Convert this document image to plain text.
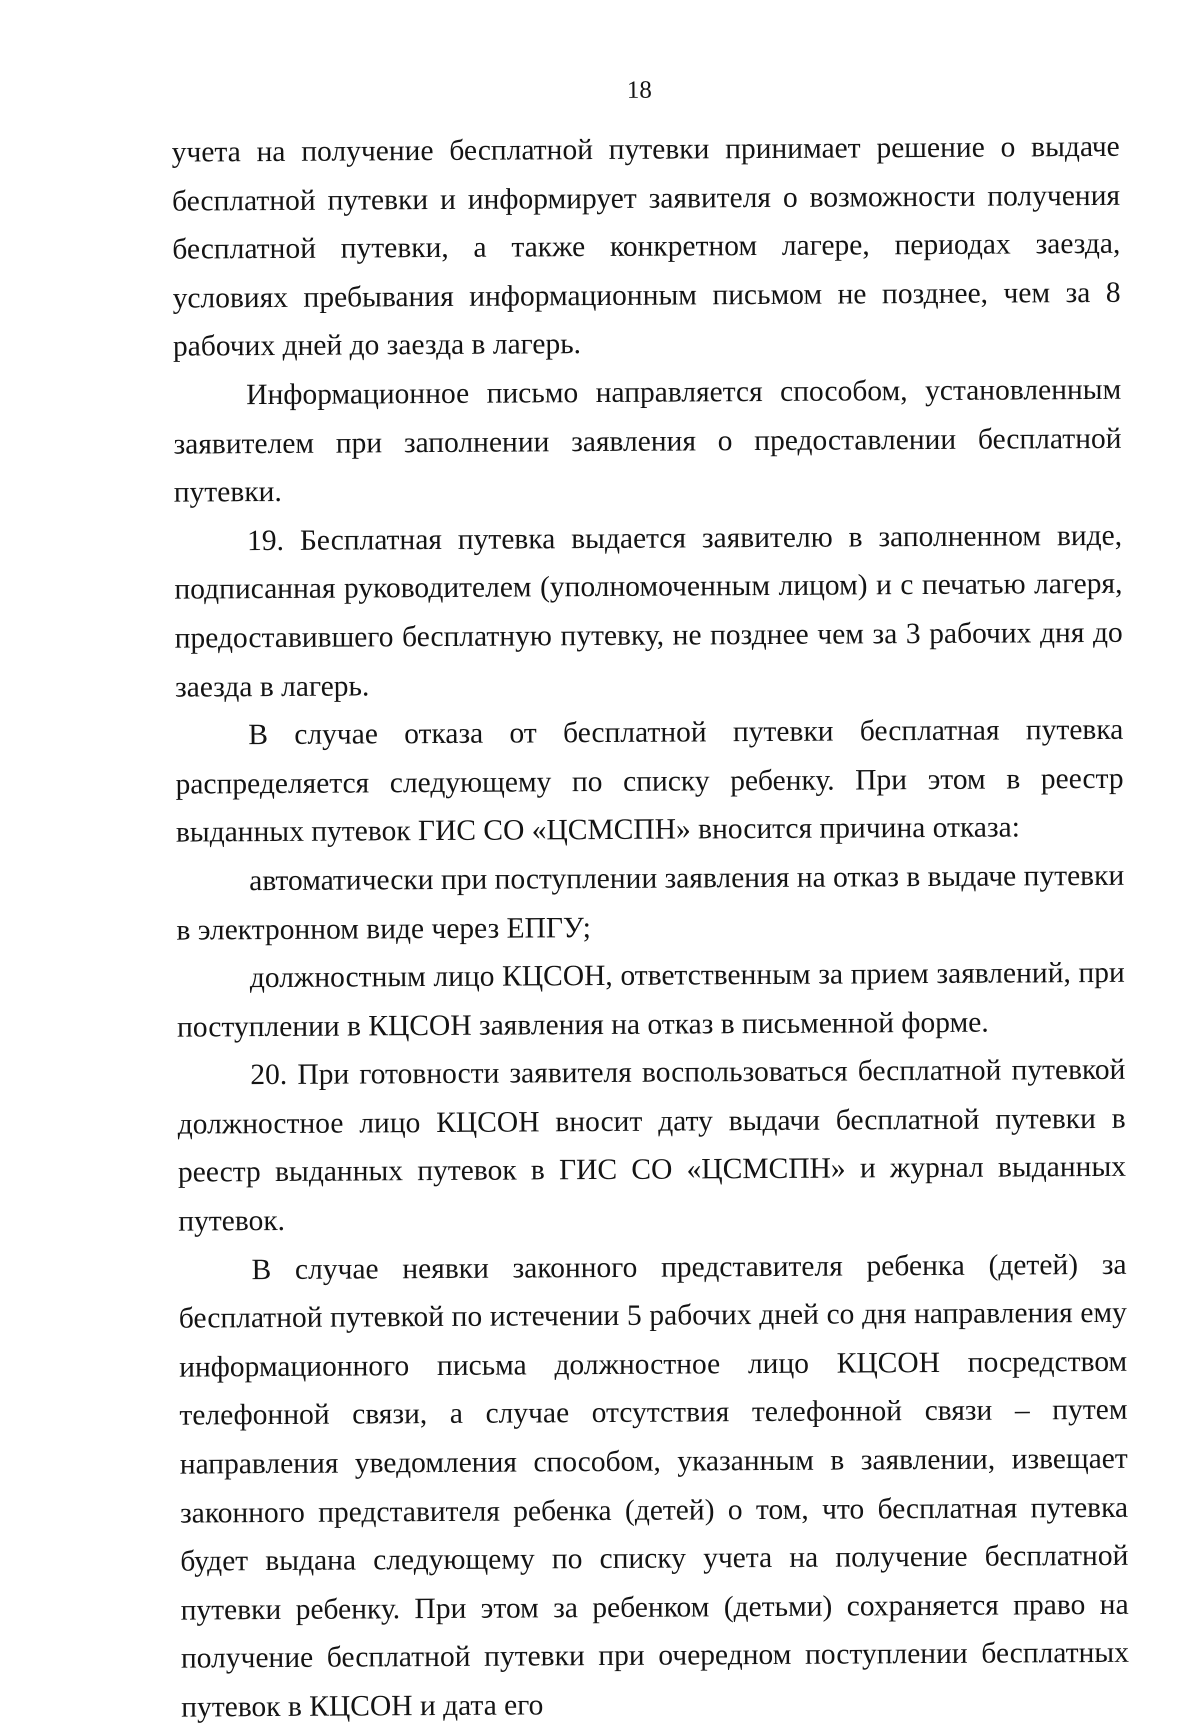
18

учета на получение бесплатной путевки принимает решение о выдаче бесплатной путевки и информирует заявителя о возможности получения бесплатной путевки, а также конкретном лагере, периодах заезда, условиях пребывания информационным письмом не позднее, чем за 8 рабочих дней до заезда в лагерь.

Информационное письмо направляется способом, установленным заявителем при заполнении заявления о предоставлении бесплатной путевки.

19. Бесплатная путевка выдается заявителю в заполненном виде, подписанная руководителем (уполномоченным лицом) и с печатью лагеря, предоставившего бесплатную путевку, не позднее чем за 3 рабочих дня до заезда в лагерь.

В случае отказа от бесплатной путевки бесплатная путевка распределяется следующему по списку ребенку. При этом в реестр выданных путевок ГИС СО «ЦСМСПН» вносится причина отказа:

автоматически при поступлении заявления на отказ в выдаче путевки в электронном виде через ЕПГУ;

должностным лицо КЦСОН, ответственным за прием заявлений, при поступлении в КЦСОН заявления на отказ в письменной форме.

20. При готовности заявителя воспользоваться бесплатной путевкой должностное лицо КЦСОН вносит дату выдачи бесплатной путевки в реестр выданных путевок в ГИС СО «ЦСМСПН» и журнал выданных путевок.

В случае неявки законного представителя ребенка (детей) за бесплатной путевкой по истечении 5 рабочих дней со дня направления ему информационного письма должностное лицо КЦСОН посредством телефонной связи, а случае отсутствия телефонной связи – путем направления уведомления способом, указанным в заявлении, извещает законного представителя ребенка (детей) о том, что бесплатная путевка будет выдана следующему по списку учета на получение бесплатной путевки ребенку. При этом за ребенком (детьми) сохраняется право на получение бесплатной путевки при очередном поступлении бесплатных путевок в КЦСОН и дата его
